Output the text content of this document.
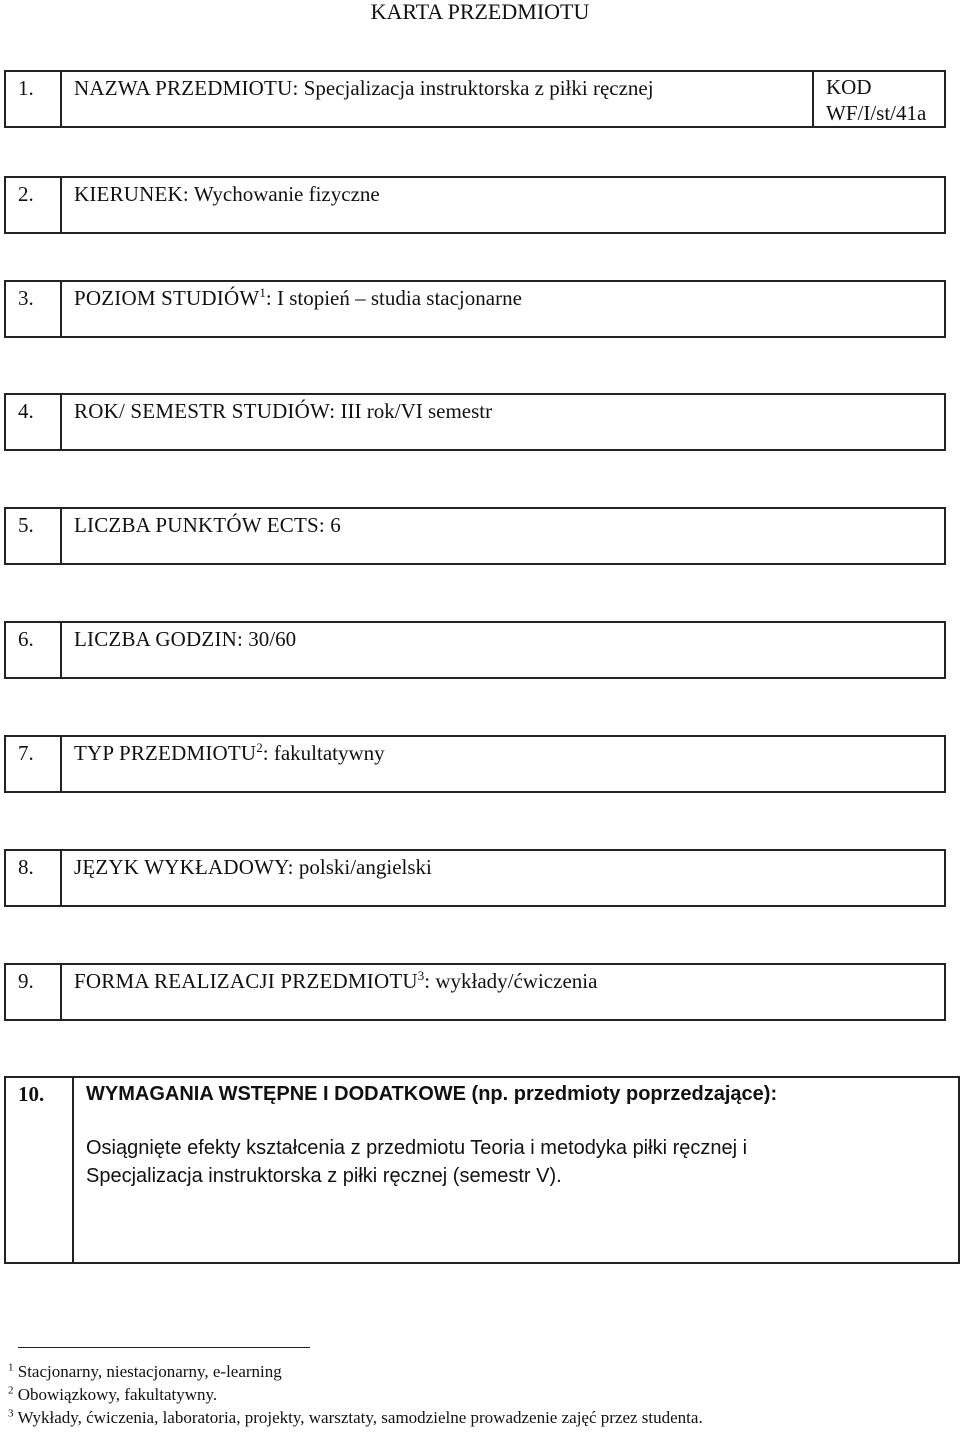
KARTA PRZEDMIOTU
1. NAZWA PRZEDMIOTU: Specjalizacja instruktorska z piłki ręcznej	KOD
WF/I/st/41a
2. KIERUNEK: Wychowanie fizyczne
3. POZIOM STUDIÓW$^1$: I stopień – studia stacjonarne
4. ROK/ SEMESTR STUDIÓW: III rok/VI semestr
5. LICZBA PUNKTÓW ECTS: 6
6. LICZBA GODZIN: 30/60
7. TYP PRZEDMIOTU$^2$: fakultatywny
8. JĘZYK WYKŁADOWY: polski/angielski
9. FORMA REALIZACJI PRZEDMIOTU$^3$: wykłady/ćwiczenia
10. WYMAGANIA WSTĘPNE I DODATKOWE (np. przedmioty poprzedzające):
Osiągnięte efekty kształcenia z przedmiotu Teoria i metodyka piłki ręcznej i
Specjalizacja instruktorska z piłki ręcznej (semestr V).
$^1$ Stacjonarny, niestacjonarny, e-learning
$^2$ Obowiązkowy, fakultatywny.
$^3$ Wykłady, ćwiczenia, laboratoria, projekty, warsztaty, samodzielne prowadzenie zajęć przez studenta.
